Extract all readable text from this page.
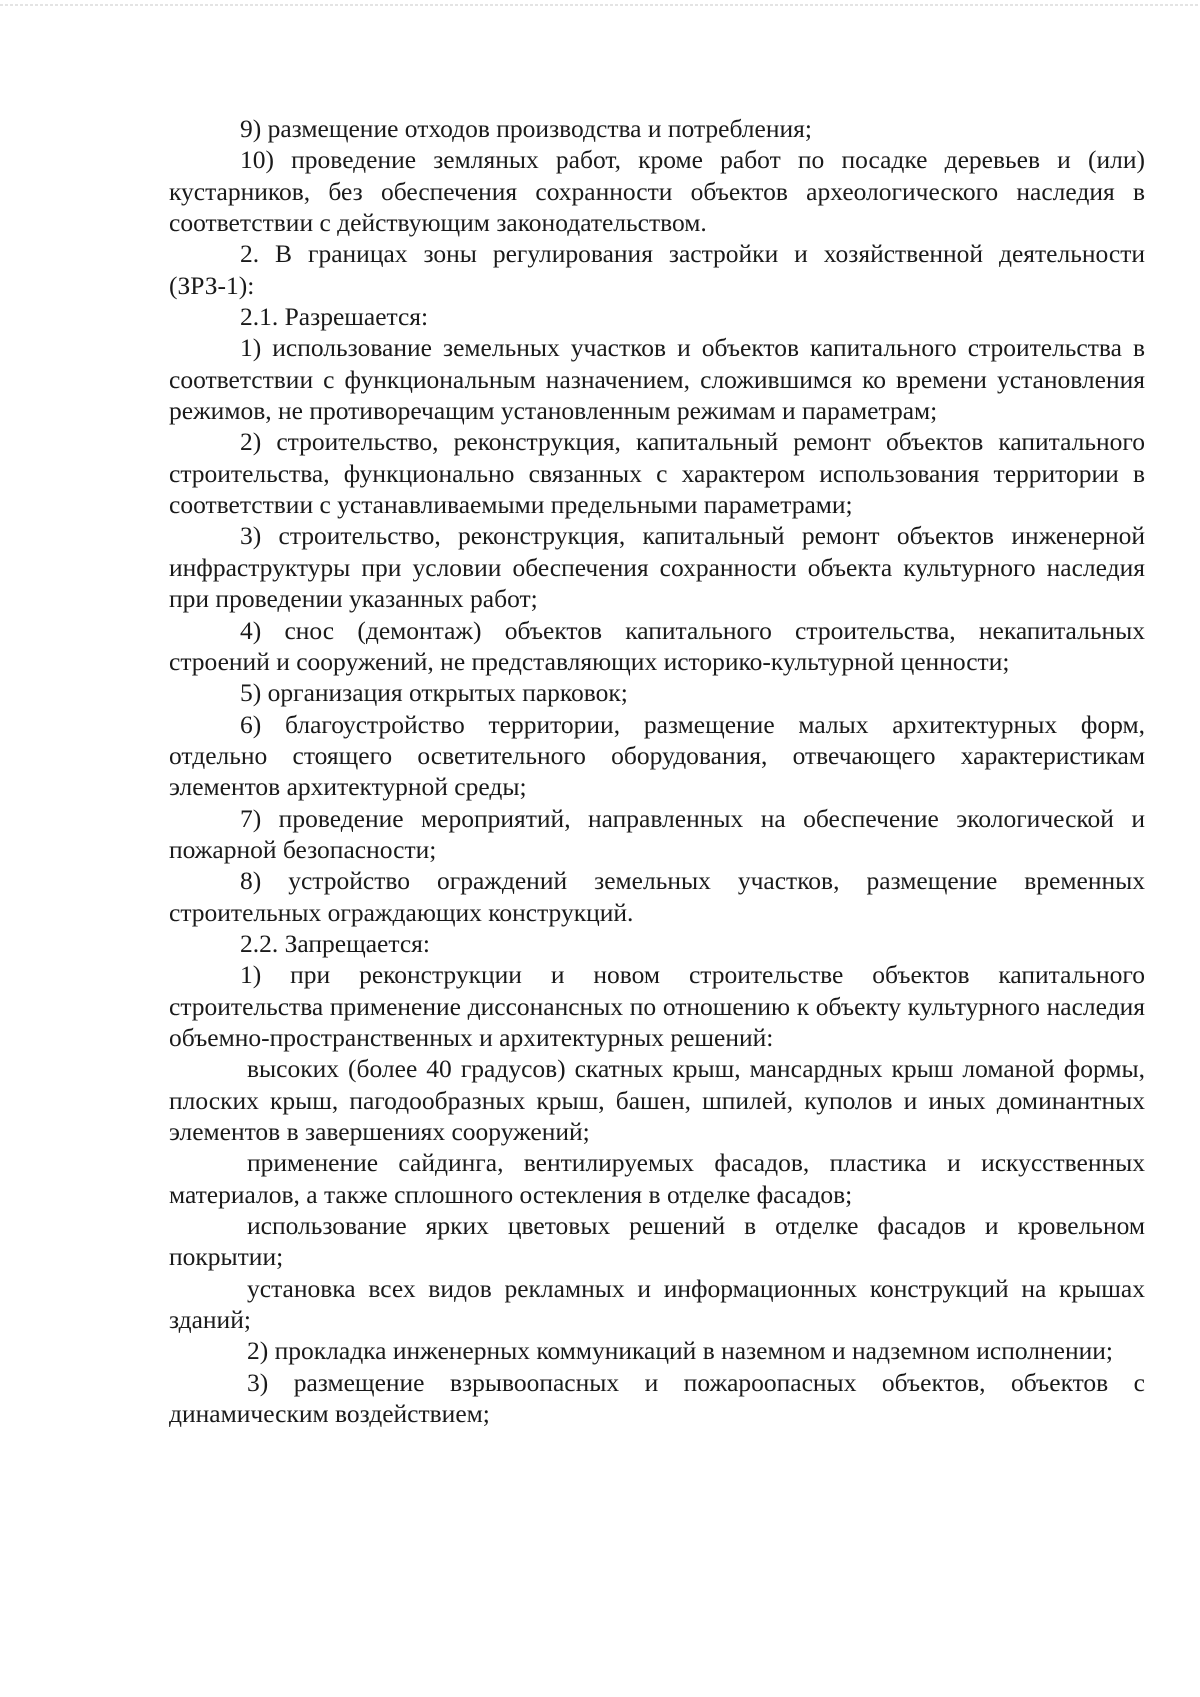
9) размещение отходов производства и потребления;

10) проведение земляных работ, кроме работ по посадке деревьев и (или) кустарников, без обеспечения сохранности объектов археологического наследия в соответствии с действующим законодательством.

2. В границах зоны регулирования застройки и хозяйственной деятельности (ЗРЗ-1):

2.1. Разрешается:

1) использование земельных участков и объектов капитального строительства в соответствии с функциональным назначением, сложившимся ко времени установления режимов, не противоречащим установленным режимам и параметрам;

2) строительство, реконструкция, капитальный ремонт объектов капитального строительства, функционально связанных с характером использования территории в соответствии с устанавливаемыми предельными параметрами;

3) строительство, реконструкция, капитальный ремонт объектов инженерной инфраструктуры при условии обеспечения сохранности объекта культурного наследия при проведении указанных работ;

4) снос (демонтаж) объектов капитального строительства, некапитальных строений и сооружений, не представляющих историко-культурной ценности;

5) организация открытых парковок;

6) благоустройство территории, размещение малых архитектурных форм, отдельно стоящего осветительного оборудования, отвечающего характеристикам элементов архитектурной среды;

7) проведение мероприятий, направленных на обеспечение экологической и пожарной безопасности;

8) устройство ограждений земельных участков, размещение временных строительных ограждающих конструкций.

2.2. Запрещается:

1) при реконструкции и новом строительстве объектов капитального строительства применение диссонансных по отношению к объекту культурного наследия объемно-пространственных и архитектурных решений:

высоких (более 40 градусов) скатных крыш, мансардных крыш ломаной формы, плоских крыш, пагодообразных крыш, башен, шпилей, куполов и иных доминантных элементов в завершениях сооружений;

применение сайдинга, вентилируемых фасадов, пластика и искусственных материалов, а также сплошного остекления в отделке фасадов;

использование ярких цветовых решений в отделке фасадов и кровельном покрытии;

установка всех видов рекламных и информационных конструкций на крышах зданий;

2) прокладка инженерных коммуникаций в наземном и надземном исполнении;

3) размещение взрывоопасных и пожароопасных объектов, объектов с динамическим воздействием;
